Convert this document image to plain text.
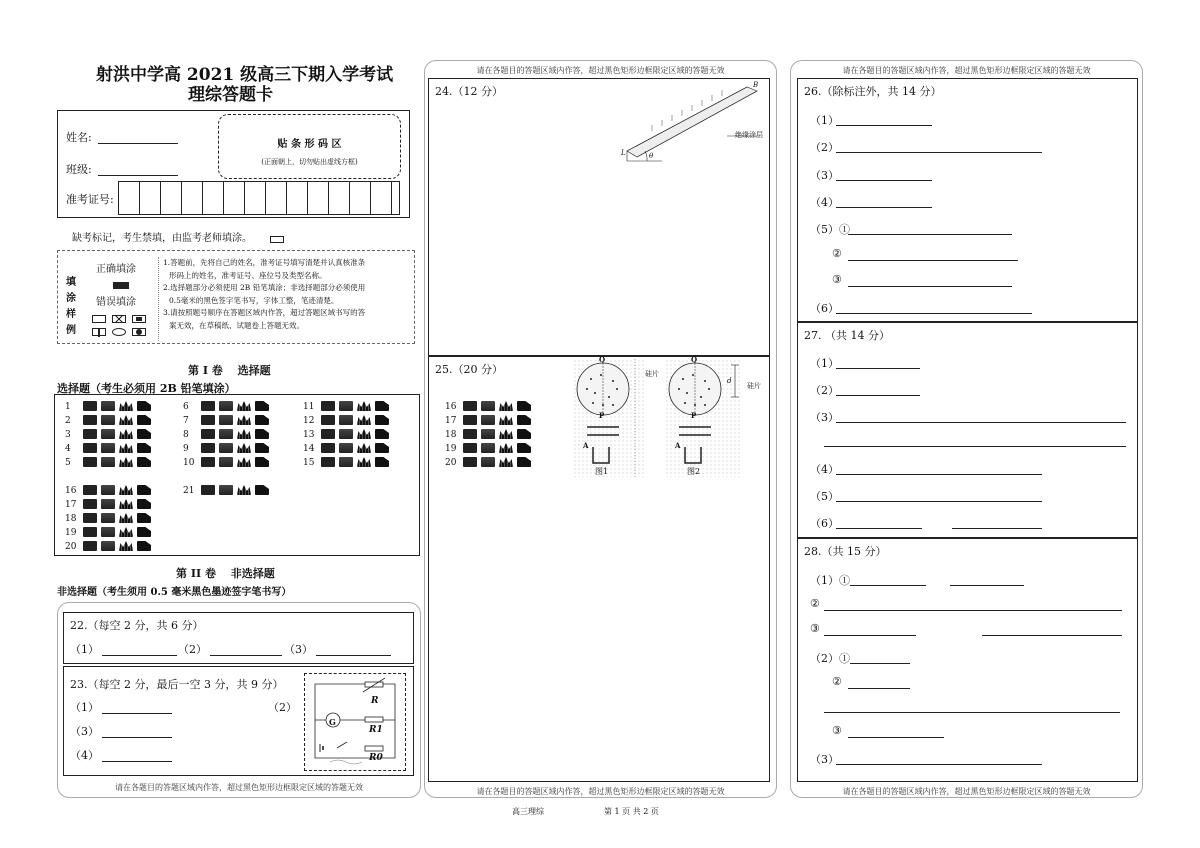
射洪中学高 2021 级高三下期入学考试
理综答题卡
姓名:
班级:
贴 条 形 码 区
(正面朝上，切勿贴出虚线方框)
准考证号:
缺考标记，考生禁填，由监考老师填涂。
填
涂
样
例
正确填涂
错误填涂
1.答题前，先将自己的姓名，准考证号填写清楚并认真核准条
形码上的姓名，准考证号、座位号及类型名称。
2.选择题部分必须使用 2B 铅笔填涂；非选择题部分必须使用
0.5毫米的黑色签字笔书写，字体工整，笔迹清楚。
3.请按照题号顺序在答题区域内作答，超过答题区域书写的答
案无效，在草稿纸、试题卷上答题无效。
第 I 卷　 选择题
选择题（考生必须用 2B 铅笔填涂）
1
2
3
4
5
6
7
8
9
10
11
12
13
14
15
16
17
18
19
20
21
第 II 卷　 非选择题
非选择题（考生须用 0.5 毫米黑色墨迹签字笔书写）
22.（每空 2 分，共 6 分）
（1）	（2）	（3）
23.（每空 2 分，最后一空 3 分，共 9 分）
（1）	（2）
（3）
（4）
G
R
R1
R0
请在各题目的答题区域内作答，超过黑色矩形边框限定区域的答题无效
请在各题目的答题区域内作答，超过黑色矩形边框限定区域的答题无效
24.（12 分）
绝缘涂层
B
L	θ
25.（20 分）
16
17
18
19
20
Q
P
A
图1
硅片
Q
P
A
d
图2
硅片
请在各题目的答题区域内作答，超过黑色矩形边框限定区域的答题无效
请在各题目的答题区域内作答，超过黑色矩形边框限定区域的答题无效
26.（除标注外，共 14 分）
（1）
（2）
（3）
（4）
（5）①
②
③
（6）
27. （共 14 分）
（1）
（2）
（3）
（4）
（5）
（6）
28.（共 15 分）
（1）①
②
③
（2）①
②
③
（3）
请在各题目的答题区域内作答，超过黑色矩形边框限定区域的答题无效
高三理综	第 1 页 共 2 页
